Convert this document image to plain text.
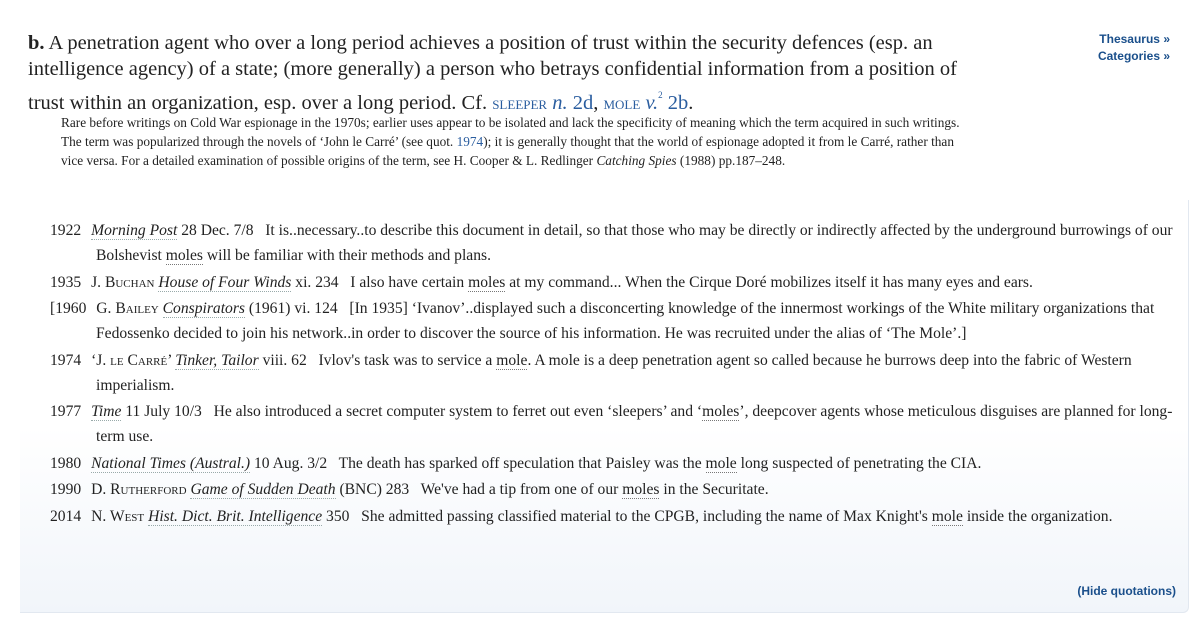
Thesaurus »
Categories »
b. A penetration agent who over a long period achieves a position of trust within the security defences (esp. an intelligence agency) of a state; (more generally) a person who betrays confidential information from a position of trust within an organization, esp. over a long period. Cf. sleeper n. 2d, mole v.$^2$ 2b.
Rare before writings on Cold War espionage in the 1970s; earlier uses appear to be isolated and lack the specificity of meaning which the term acquired in such writings. The term was popularized through the novels of ‘John le Carré’ (see quot. 1974); it is generally thought that the world of espionage adopted it from le Carré, rather than vice versa. For a detailed examination of possible origins of the term, see H. Cooper & L. Redlinger Catching Spies (1988) pp.187–248.
1922 Morning Post 28 Dec. 7/8 It is..necessary..to describe this document in detail, so that those who may be directly or indirectly affected by the underground burrowings of our Bolshevist moles will be familiar with their methods and plans.
1935 J. Buchan House of Four Winds xi. 234 I also have certain moles at my command... When the Cirque Doré mobilizes itself it has many eyes and ears.
[1960 G. Bailey Conspirators (1961) vi. 124 [In 1935] ‘Ivanov’..displayed such a disconcerting knowledge of the innermost workings of the White military organizations that Fedossenko decided to join his network..in order to discover the source of his information. He was recruited under the alias of ‘The Mole’.]
1974 ‘J. le Carré’ Tinker, Tailor viii. 62 Ivlov's task was to service a mole. A mole is a deep penetration agent so called because he burrows deep into the fabric of Western imperialism.
1977 Time 11 July 10/3 He also introduced a secret computer system to ferret out even ‘sleepers’ and ‘moles’, deepcover agents whose meticulous disguises are planned for long-term use.
1980 National Times (Austral.) 10 Aug. 3/2 The death has sparked off speculation that Paisley was the mole long suspected of penetrating the CIA.
1990 D. Rutherford Game of Sudden Death (BNC) 283 We've had a tip from one of our moles in the Securitate.
2014 N. West Hist. Dict. Brit. Intelligence 350 She admitted passing classified material to the CPGB, including the name of Max Knight's mole inside the organization.
(Hide quotations)
